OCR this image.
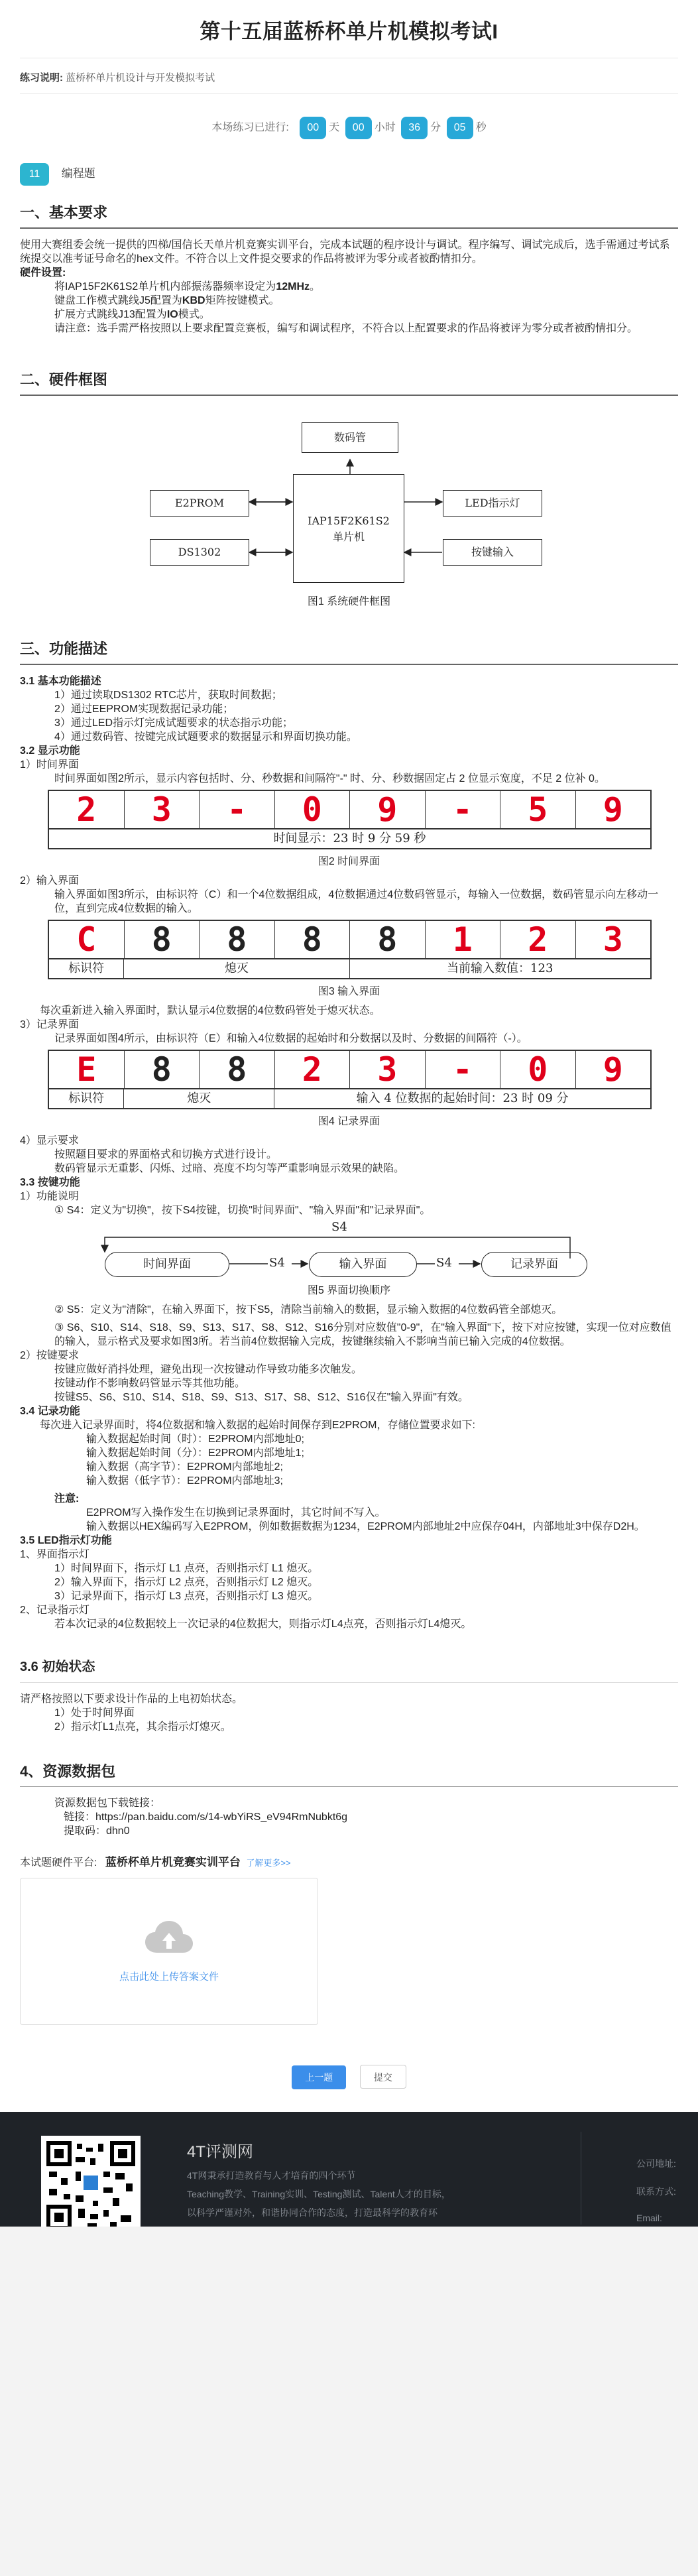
第十五届蓝桥杯单片机模拟考试I
练习说明: 蓝桥杯单片机设计与开发模拟考试
本场练习已进行: 00 天 00 小时 36 分 05 秒
11 编程题
一、基本要求
使用大赛组委会统一提供的四梯/国信长天单片机竞赛实训平台，完成本试题的程序设计与调试。程序编写、调试完成后，选手需通过考试系统提交以准考证号命名的hex文件。不符合以上文件提交要求的作品将被评为零分或者被酌情扣分。
硬件设置:
将IAP15F2K61S2单片机内部振荡器频率设定为12MHz。
键盘工作模式跳线J5配置为KBD矩阵按键模式。
扩展方式跳线J13配置为IO模式。
请注意：选手需严格按照以上要求配置竞赛板，编写和调试程序，不符合以上配置要求的作品将被评为零分或者被酌情扣分。
二、硬件框图
数码管
IAP15F2K61S2
单片机
E2PROM	LED指示灯
DS1302	按键输入
图1 系统硬件框图
三、功能描述
3.1 基本功能描述
1）通过读取DS1302 RTC芯片，获取时间数据；
2）通过EEPROM实现数据记录功能；
3）通过LED指示灯完成试题要求的状态指示功能；
4）通过数码管、按键完成试题要求的数据显示和界面切换功能。
3.2 显示功能
1）时间界面
时间界面如图2所示，显示内容包括时、分、秒数据和间隔符"-" 时、分、秒数据固定占 2 位显示宽度，不足 2 位补 0。
2	3	-	0	9	-	5	9
时间显示：23 时 9 分 59 秒
图2 时间界面
2）输入界面
输入界面如图3所示，由标识符（C）和一个4位数据组成，4位数据通过4位数码管显示，每输入一位数据，数码管显示向左移动一位，直到完成4位数据的输入。
C	8	8	8	8	1	2	3
标识符	熄灭	当前输入数值：123
图3 输入界面
每次重新进入输入界面时，默认显示4位数据的4位数码管处于熄灭状态。
3）记录界面
记录界面如图4所示，由标识符（E）和输入4位数据的起始时和分数据以及时、分数据的间隔符（-）。
E	8	8	2	3	-	0	9
标识符	熄灭	输入 4 位数据的起始时间：23 时 09 分
图4 记录界面
4）显示要求
按照题目要求的界面格式和切换方式进行设计。
数码管显示无重影、闪烁、过暗、亮度不均匀等严重影响显示效果的缺陷。
3.3 按键功能
1）功能说明
① S4：定义为"切换"，按下S4按键，切换"时间界面"、"输入界面"和"记录界面"。
S4
时间界面	S4	输入界面	S4	记录界面
图5 界面切换顺序
② S5：定义为"清除"，在输入界面下，按下S5，清除当前输入的数据，显示输入数据的4位数码管全部熄灭。
③ S6、S10、S14、S18、S9、S13、S17、S8、S12、S16分别对应数值"0-9"，在"输入界面"下，按下对应按键，实现一位对应数值的输入，显示格式及要求如图3所。若当前4位数据输入完成，按键继续输入不影响当前已输入完成的4位数据。
2）按键要求
按键应做好消抖处理，避免出现一次按键动作导致功能多次触发。
按键动作不影响数码管显示等其他功能。
按键S5、S6、S10、S14、S18、S9、S13、S17、S8、S12、S16仅在"输入界面"有效。
3.4 记录功能
每次进入记录界面时，将4位数据和输入数据的起始时间保存到E2PROM，存储位置要求如下:
输入数据起始时间（时）：E2PROM内部地址0;
输入数据起始时间（分）：E2PROM内部地址1;
输入数据（高字节）：E2PROM内部地址2;
输入数据（低字节）：E2PROM内部地址3;
注意:
E2PROM写入操作发生在切换到记录界面时，其它时间不写入。
输入数据以HEX编码写入E2PROM，例如数据数据为1234，E2PROM内部地址2中应保存04H，内部地址3中保存D2H。
3.5 LED指示灯功能
1、界面指示灯
1）时间界面下，指示灯 L1 点亮，否则指示灯 L1 熄灭。
2）输入界面下，指示灯 L2 点亮，否则指示灯 L2 熄灭。
3）记录界面下，指示灯 L3 点亮，否则指示灯 L3 熄灭。
2、记录指示灯
若本次记录的4位数据较上一次记录的4位数据大，则指示灯L4点亮，否则指示灯L4熄灭。
3.6 初始状态
请严格按照以下要求设计作品的上电初始状态。
1）处于时间界面
2）指示灯L1点亮，其余指示灯熄灭。
4、资源数据包
资源数据包下载链接：
链接：https://pan.baidu.com/s/14-wbYiRS_eV94RmNubkt6g
提取码：dhn0
本试题硬件平台: 蓝桥杯单片机竞赛实训平台 了解更多>>
点击此处上传答案文件
上一题	提交
4T评测网
4T网秉承打造教育与人才培育的四个环节
Teaching教学、Training实训、Testing测试、Talent人才的目标，
以科学严谨对外，和谐协同合作的态度，打造最科学的教育环
公司地址:
联系方式:
Email:
